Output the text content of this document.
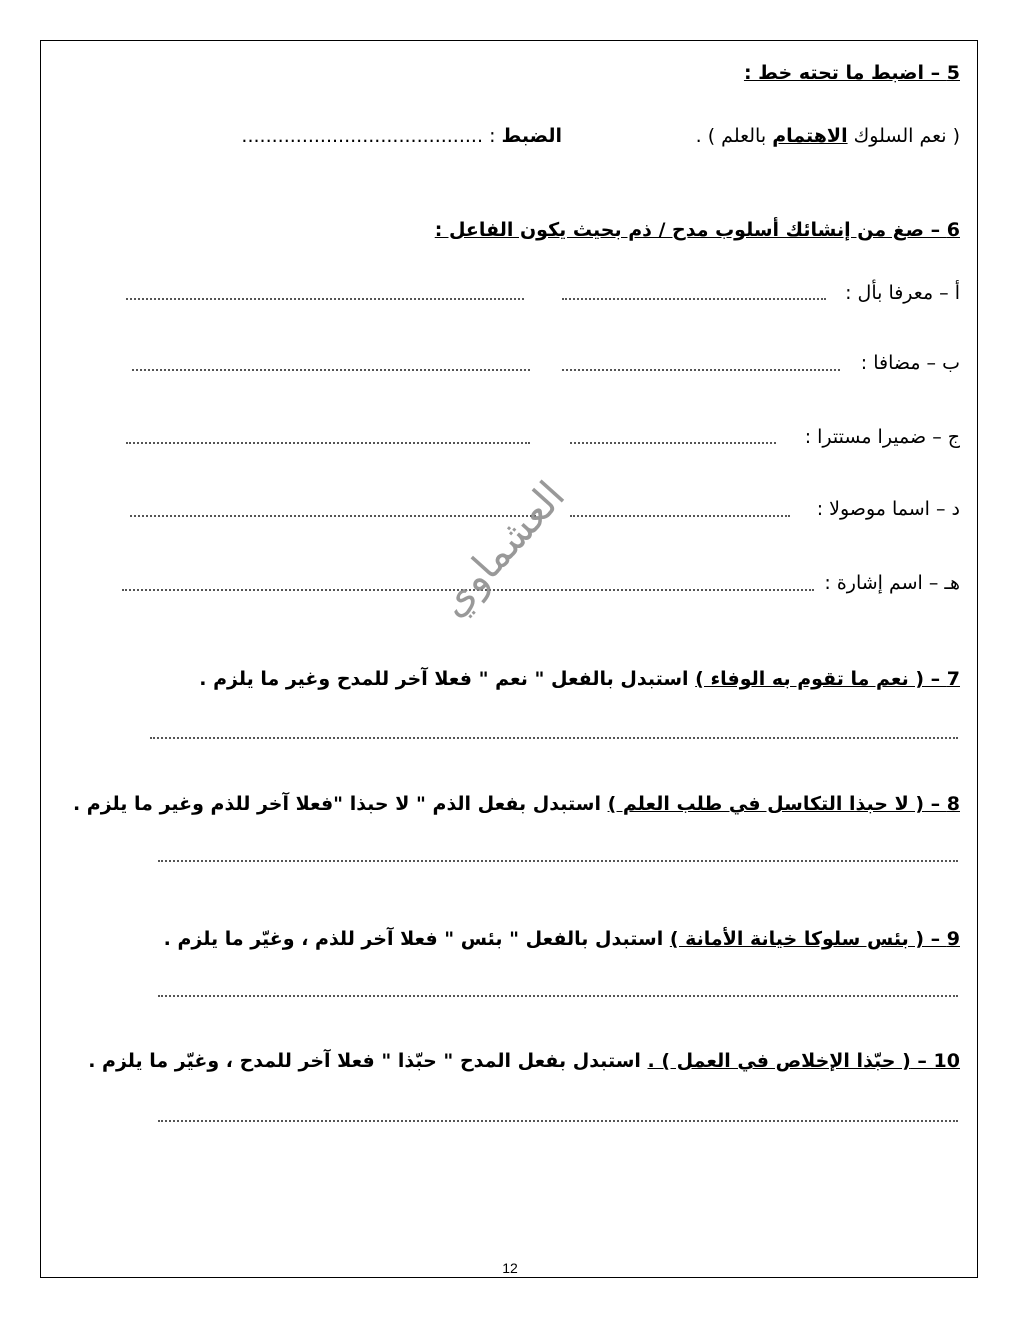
5 – اضبط ما تحته خط :
( نعم السلوك الاهتمام بالعلم ) .
الضبط : ........................................
6 – صغ من إنشائك أسلوب مدح / ذم بحيث يكون الفاعل :
أ – معرفا بأل :
ب – مضافا :
ج – ضميرا مستترا :
د – اسما موصولا :
هـ – اسم إشارة :
7 – ( نعم ما تقوم به الوفاء ) استبدل بالفعل " نعم " فعلا آخر للمدح وغير ما يلزم .
8 – ( لا حبذا التكاسل في طلب العلم ) استبدل بفعل الذم " لا حبذا "فعلا آخر للذم وغير ما يلزم .
9 – ( بئس سلوكا خيانة الأمانة ) استبدل بالفعل " بئس " فعلا آخر للذم ، وغيّر ما يلزم .
10 – ( حبّذا الإخلاص في العمل ) . استبدل بفعل المدح " حبّذا " فعلا آخر للمدح ، وغيّر ما يلزم .
العشماوي
12
